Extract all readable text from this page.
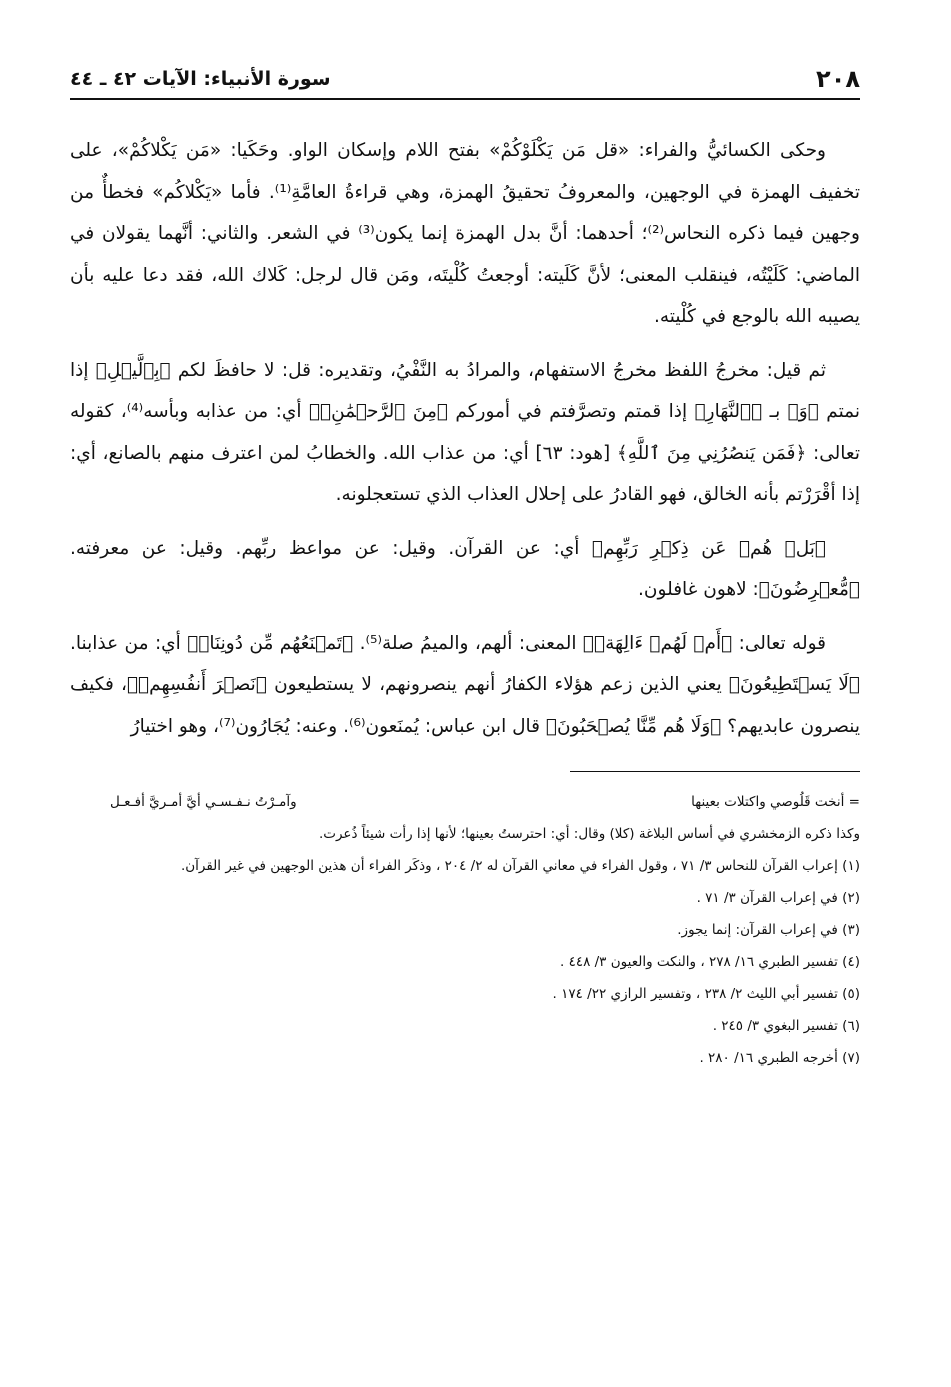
٢٠٨
سورة الأنبياء: الآيات ٤٢ ـ ٤٤

وحكى الكسائيُّ والفراء: «قل مَن يَكْلَوْكُمْ» بفتح اللام وإسكان الواو. وحَكَيا: «مَن يَكْلاكُمْ»، على تخفيف الهمزة في الوجهين، والمعروفُ تحقيقُ الهمزة، وهي قراءةُ العامَّةِ⁽¹⁾. فأما «يَكْلاكُم» فخطأٌ من وجهين فيما ذكره النحاس⁽²⁾؛ أحدهما: أنَّ بدل الهمزة إنما يكون⁽³⁾ في الشعر. والثاني: أنَّهما يقولان في الماضي: كَلَيْتُه، فينقلب المعنى؛ لأنَّ كَلَيته: أوجعتُ كُلْيتَه، ومَن قال لرجل: كَلاك الله، فقد دعا عليه بأن يصيبه الله بالوجع في كُلْيته.

ثم قيل: مخرجُ اللفظ مخرجُ الاستفهام، والمرادُ به النَّفْيُ، وتقديره: قل: لا حافظَ لكم ﴿بِٱلَّيۡلِ﴾ إذا نمتم ﴿وَ﴾ بـ ﴿ٱلنَّهَارِ﴾ إذا قمتم وتصرَّفتم في أموركم ﴿مِنَ ٱلرَّحۡمَٰنِۚ﴾ أي: من عذابه وبأسه⁽⁴⁾، كقوله تعالى: ﴿فَمَن يَنصُرُنِي مِنَ ٱللَّهِ﴾ [هود: ٦٣] أي: من عذاب الله. والخطابُ لمن اعترف منهم بالصانع، أي: إذا أقْرَرْتم بأنه الخالق، فهو القادرُ على إحلال العذاب الذي تستعجلونه.

﴿بَلۡ هُمۡ عَن ذِكۡرِ رَبِّهِم﴾ أي: عن القرآن. وقيل: عن مواعظ ربِّهم. وقيل: عن معرفته. ﴿مُّعۡرِضُونَ﴾: لاهون غافلون.

قوله تعالى: ﴿أَمۡ لَهُمۡ ءَالِهَةٞ﴾ المعنى: ألهم، والميمُ صلة⁽⁵⁾. ﴿تَمۡنَعُهُم مِّن دُونِنَاۚ﴾ أي: من عذابنا. ﴿لَا يَسۡتَطِيعُونَ﴾ يعني الذين زعم هؤلاء الكفارُ أنهم ينصرونهم، لا يستطيعون ﴿نَصۡرَ أَنفُسِهِمۡ﴾، فكيف ينصرون عابديهم؟ ﴿وَلَا هُم مِّنَّا يُصۡحَبُونَ﴾ قال ابن عباس: يُمنَعون⁽⁶⁾. وعنه: يُجَارُون⁽⁷⁾، وهو اختيارُ

= أنخت قَلُوصي واكتلات بعينها
وآمـرْتُ نـفـسـي أيَّ أمـريَّ أفـعـل

وكذا ذكره الزمخشري في أساس البلاغة (كلا) وقال: أي: احترستُ بعينها؛ لأنها إذا رأت شيئاً ذُعرت.

(١) إعراب القرآن للنحاس ٣/ ٧١ ، وقول الفراء في معاني القرآن له ٢/ ٢٠٤ ، وذكَر الفراء أن هذين الوجهين في غير القرآن.

(٢) في إعراب القرآن ٣/ ٧١ .

(٣) في إعراب القرآن: إنما يجوز.

(٤) تفسير الطبري ١٦/ ٢٧٨ ، والنكت والعيون ٣/ ٤٤٨ .

(٥) تفسير أبي الليث ٢/ ٢٣٨ ، وتفسير الرازي ٢٢/ ١٧٤ .

(٦) تفسير البغوي ٣/ ٢٤٥ .

(٧) أخرجه الطبري ١٦/ ٢٨٠ .
